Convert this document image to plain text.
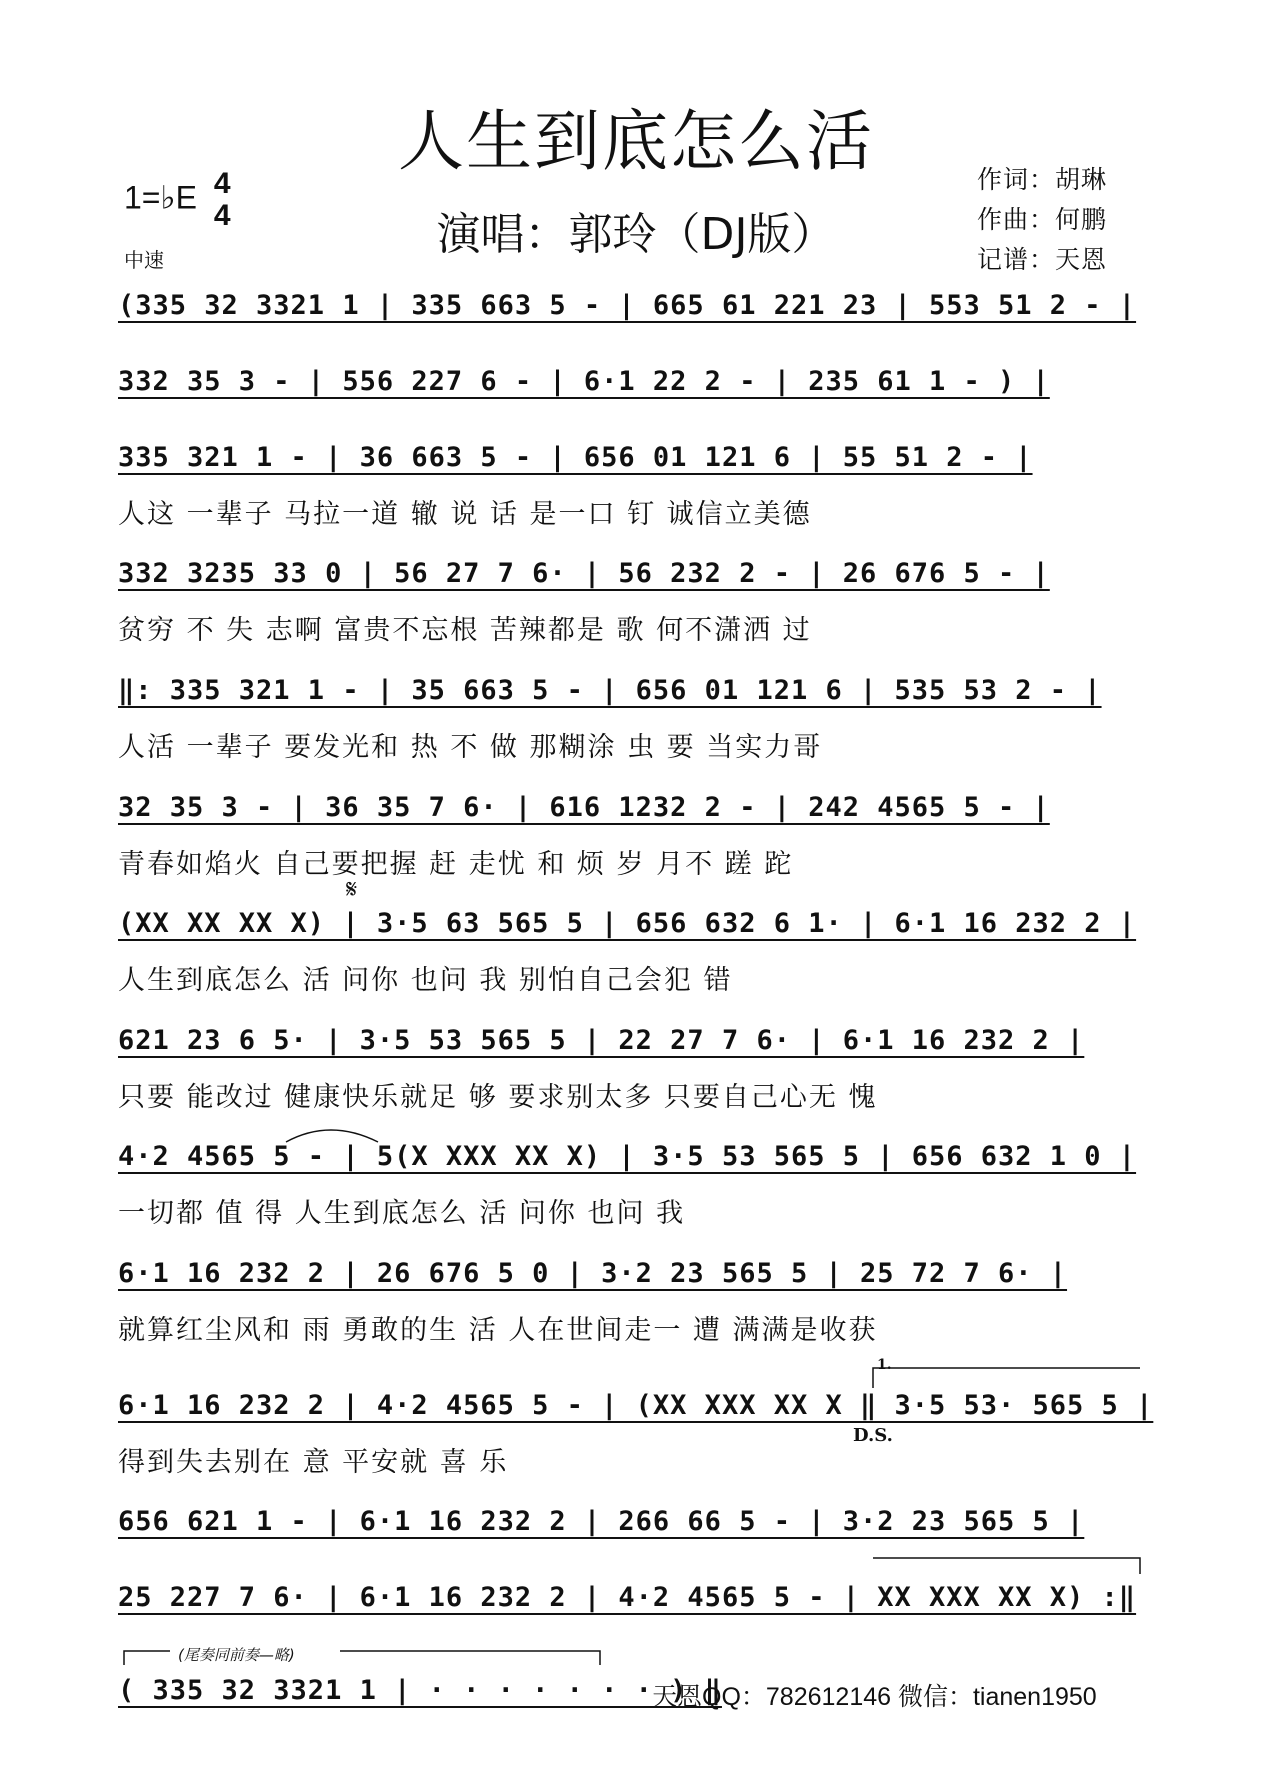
人生到底怎么活
演唱：郭玲（DJ版）
1=♭E 4
4
中速
作词：胡琳
作曲：何鹏
记谱：天恩
(335 32 3321 1 | 335 663 5 - | 665 61 221 23 | 553 51 2 - |
332 35 3 - | 556 227 6 - | 6·1 22 2 - | 235 61 1 - ) |
335 321 1 - | 36 663 5 - | 656 01 121 6 | 55 51 2 - |
人这 一辈子 马拉一道 辙 说 话 是一口 钉 诚信立美德
332 3235 33 0 | 56 27 7 6· | 56 232 2 - | 26 676 5 - |
贫穷 不 失 志啊 富贵不忘根 苦辣都是 歌 何不潇洒 过
‖: 335 321 1 - | 35 663 5 - | 656 01 121 6 | 535 53 2 - |
人活 一辈子 要发光和 热 不 做 那糊涂 虫 要 当实力哥
32 35 3 - | 36 35 7 6· | 616 1232 2 - | 242 4565 5 - |
青春如焰火 自己要把握 赶 走忧 和 烦 岁 月不 蹉 跎
𝄋
(XX XX XX X) | 3·5 63 565 5 | 656 632 6 1· | 6·1 16 232 2 |
人生到底怎么 活 问你 也问 我 别怕自己会犯 错
621 23 6 5· | 3·5 53 565 5 | 22 27 7 6· | 6·1 16 232 2 |
只要 能改过 健康快乐就足 够 要求别太多 只要自己心无 愧
4·2 4565 5 - | 5(X XXX XX X) | 3·5 53 565 5 | 656 632 1 0 |
一切都 值 得 人生到底怎么 活 问你 也问 我
6·1 16 232 2 | 26 676 5 0 | 3·2 23 565 5 | 25 72 7 6· |
就算红尘风和 雨 勇敢的生 活 人在世间走一 遭 满满是收获
1.
6·1 16 232 2 | 4·2 4565 5 - | (XX XXX XX X ‖ 3·5 53· 565 5 |
D.S.
得到失去别在 意 平安就 喜 乐
656 621 1 - | 6·1 16 232 2 | 266 66 5 - | 3·2 23 565 5 |
25 227 7 6· | 6·1 16 232 2 | 4·2 4565 5 - | XX XXX XX X) :‖
(尾奏同前奏—略)
( 335 32 3321 1 | · · · · · · · ) ‖
天恩QQ：782612146 微信：tianen1950
